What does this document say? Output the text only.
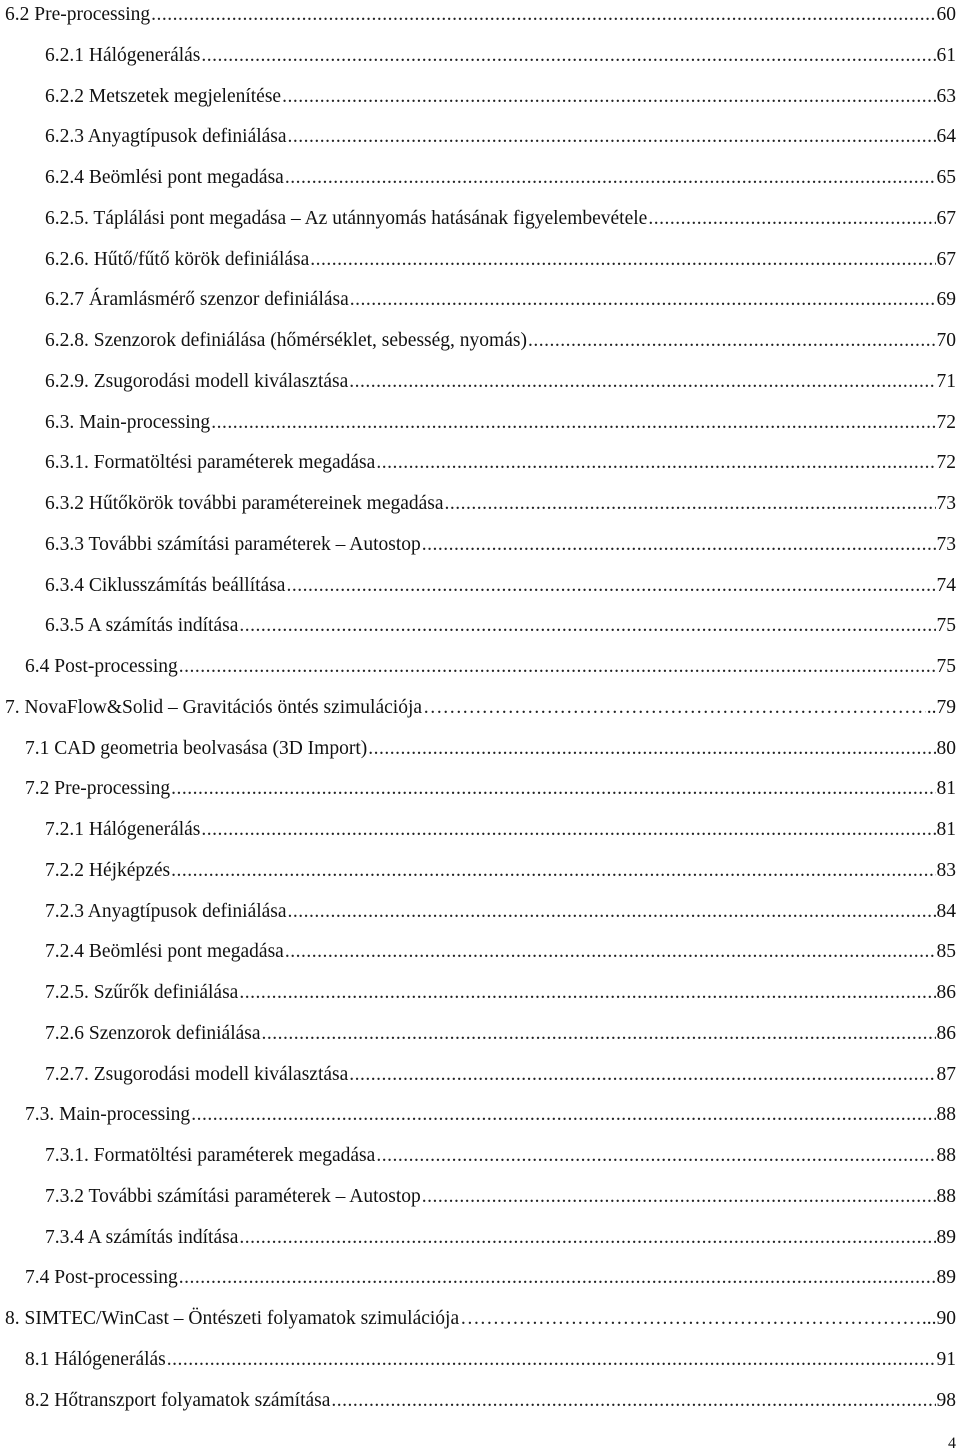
6.2 Pre-processing .....	60
6.2.1 Hálógenerálás .....	61
6.2.2 Metszetek megjelenítése .....	63
6.2.3 Anyagtípusok definiálása .....	64
6.2.4 Beömlési pont megadása .....	65
6.2.5. Táplálási pont megadása – Az utánnyomás hatásának figyelembevétele .....	67
6.2.6. Hűtő/fűtő körök definiálása .....	67
6.2.7 Áramlásmérő szenzor definiálása .....	69
6.2.8. Szenzorok definiálása (hőmérséklet, sebesség, nyomás) .....	70
6.2.9. Zsugorodási modell kiválasztása .....	71
6.3. Main-processing .....	72
6.3.1. Formatöltési paraméterek megadása .....	72
6.3.2 Hűtőkörök további paramétereinek megadása .....	73
6.3.3 További számítási paraméterek – Autostop .....	73
6.3.4 Ciklusszámítás beállítása .....	74
6.3.5 A számítás indítása .....	75
6.4 Post-processing .....	75
7. NovaFlow&Solid – Gravitációs öntés szimulációja …………………………………………………………………………………………………………	..79
7.1 CAD geometria beolvasása (3D Import) .....	80
7.2 Pre-processing .....	81
7.2.1 Hálógenerálás .....	81
7.2.2 Héjképzés .....	83
7.2.3 Anyagtípusok definiálása .....	84
7.2.4 Beömlési pont megadása .....	85
7.2.5. Szűrők definiálása .....	86
7.2.6 Szenzorok definiálása .....	86
7.2.7. Zsugorodási modell kiválasztása .....	87
7.3. Main-processing .....	88
7.3.1. Formatöltési paraméterek megadása .....	88
7.3.2 További számítási paraméterek – Autostop .....	88
7.3.4 A számítás indítása .....	89
7.4 Post-processing .....	89
8. SIMTEC/WinCast – Öntészeti folyamatok szimulációja …………………………………………………………………………………………………………	...90
8.1 Hálógenerálás .....	91
8.2 Hőtranszport folyamatok számítása .....	98
4
